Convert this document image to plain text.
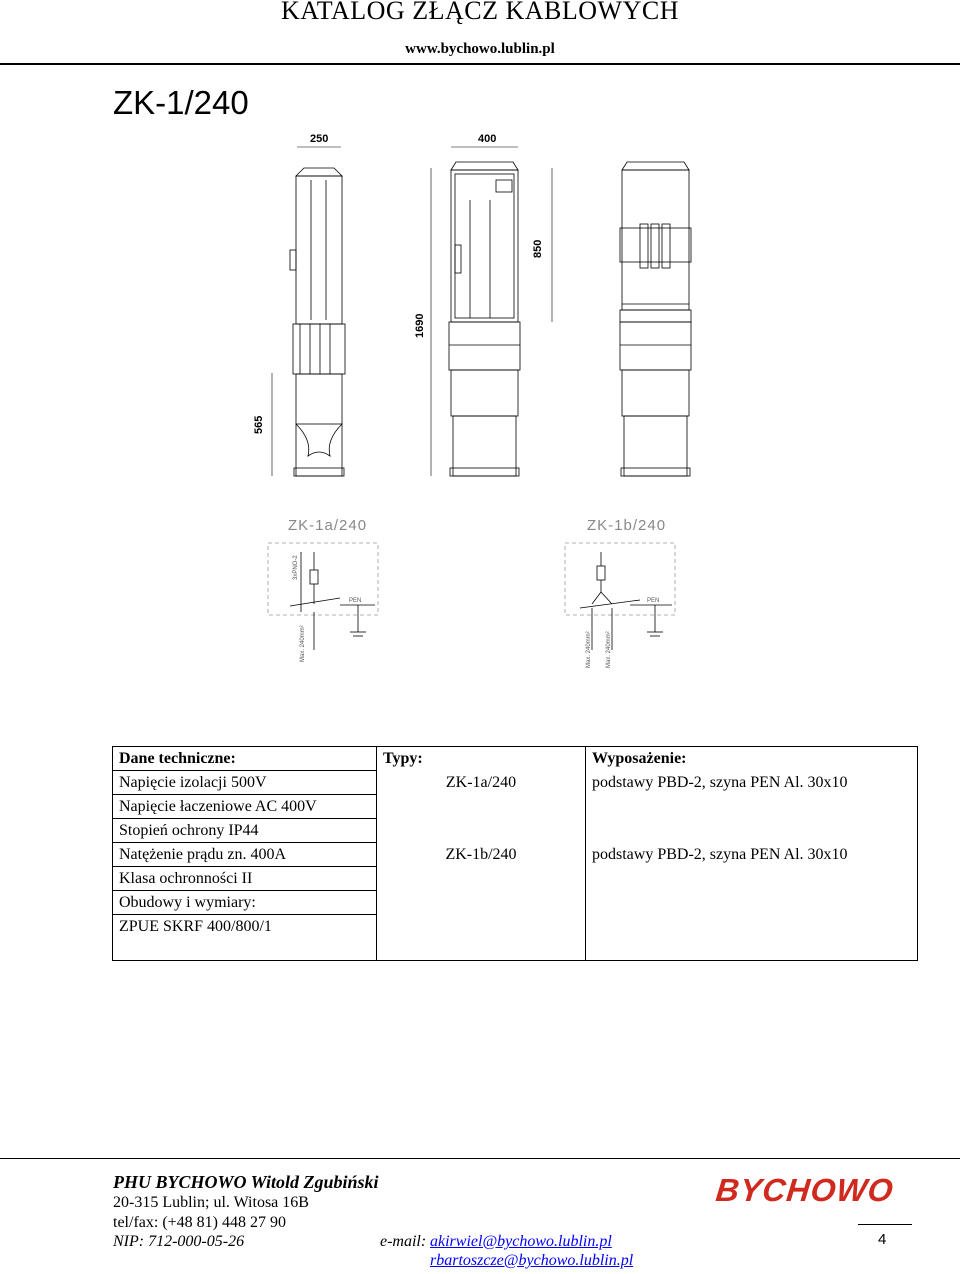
KATALOG ZŁĄCZ KABLOWYCH
www.bychowo.lublin.pl
ZK-1/240
250	400
850
1690
565
ZK-1a/240
PEN
3xPNO-2
Max. 240mm²
ZK-1b/240
PEN
Max. 240mm² Max. 240mm²
Dane techniczne:	Typy:	Wyposażenie:
Napięcie izolacji 500V	ZK-1a/240	podstawy PBD-2, szyna PEN Al. 30x10
Napięcie łaczeniowe AC 400V		
Stopień ochrony IP44		
Natężenie prądu zn. 400A	ZK-1b/240	podstawy PBD-2, szyna PEN Al. 30x10
Klasa ochronności II		
Obudowy i wymiary:		
ZPUE SKRF 400/800/1		
PHU BYCHOWO Witold Zgubiński
20-315 Lublin; ul. Witosa 16B
tel/fax: (+48 81) 448 27 90
NIP: 712-000-05-26	e-mail: akirwiel@bychowo.lublin.pl
rbartoszcze@bychowo.lublin.pl
BYCHOWO
4
